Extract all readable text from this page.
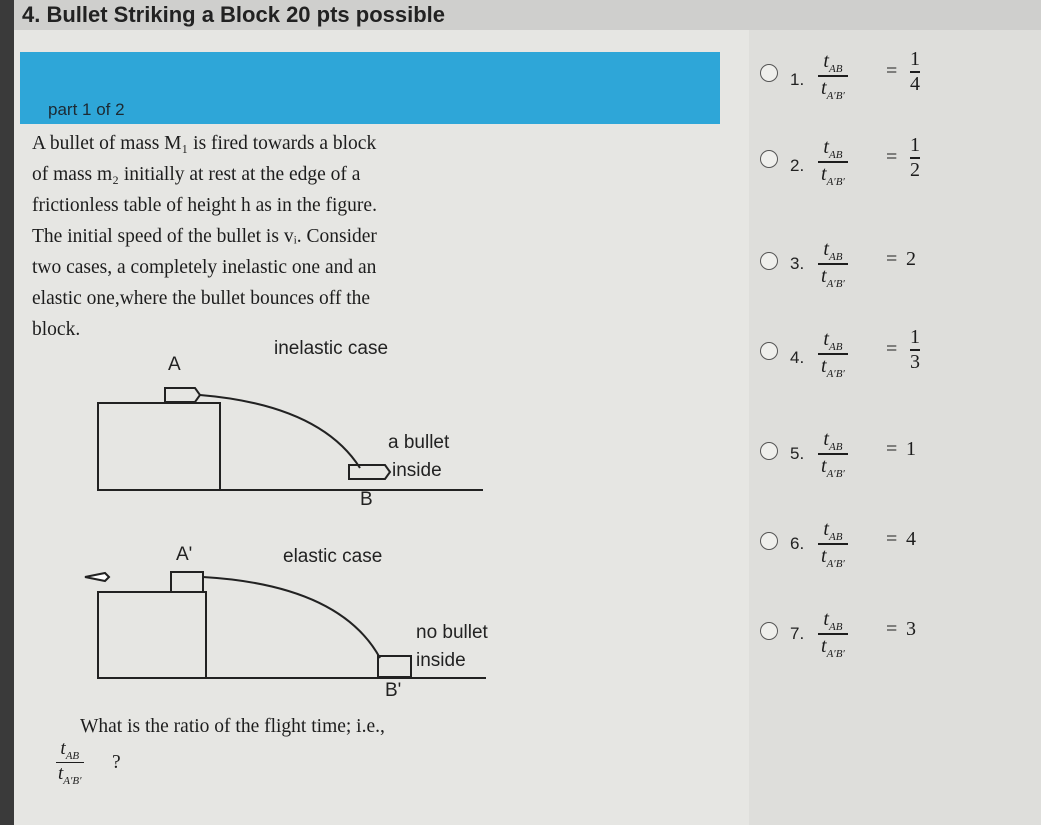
4. Bullet Striking a Block 20 pts possible
part 1 of 2
A bullet of mass M₁ is fired towards a block
of mass m₂ initially at rest at the edge of a
frictionless table of height h as in the figure.
The initial speed of the bullet is vᵢ. Consider
two cases, a completely inelastic one and an
elastic one,where the bullet bounces off the
block.
inelastic case
A
a bullet
inside
B
A'	elastic case
no bullet
inside
B'
What is the ratio of the flight time; i.e.,
$t_{AB}$
$t_{A'B'}$
?
1.
$t_{AB}$
$t_{A'B'}$
=
1
4
2.
$t_{AB}$
$t_{A'B'}$
=
1
2
3.
$t_{AB}$
$t_{A'B'}$
= 2
4.
$t_{AB}$
$t_{A'B'}$
=
1
3
5.
$t_{AB}$
$t_{A'B'}$
= 1
6.
$t_{AB}$
$t_{A'B'}$
= 4
7.
$t_{AB}$
$t_{A'B'}$
= 3
